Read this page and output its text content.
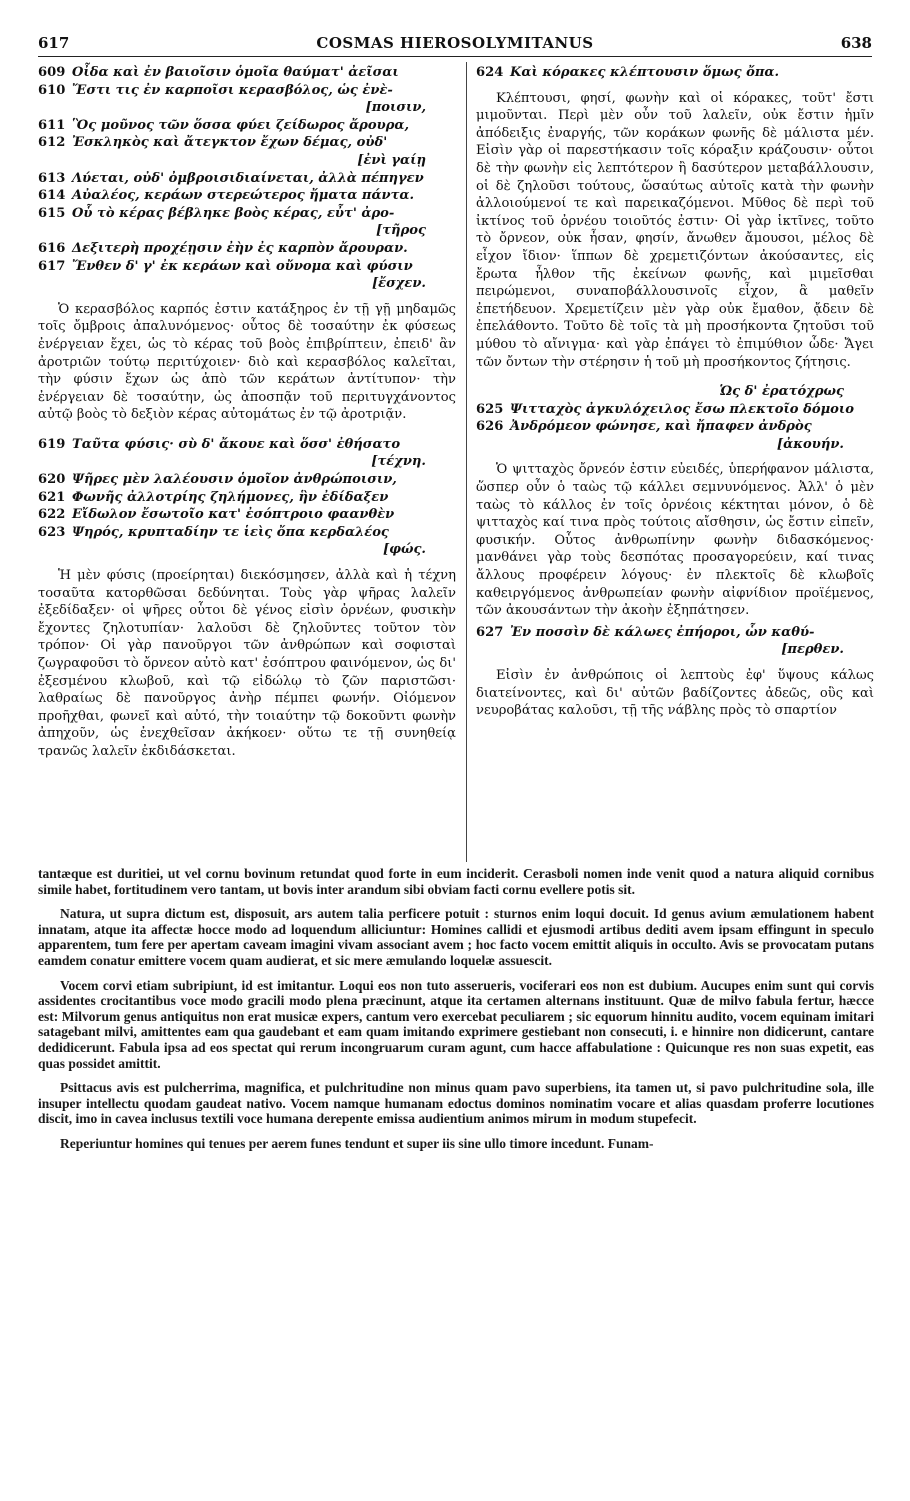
617	COSMAS HIEROSOLYMITANUS	638
609 Οἶδα καὶ ἐν βαιοῖσιν ὁμοῖα θαύματ' ἀεῖσαι
610 Ἔστι τις ἐν καρποῖσι κερασβόλος, ὡς ἐνὲ-
[ποισιν,
611 Ὃς μοῦνος τῶν ὅσσα φύει ζείδωρος ἄρουρα,
612 Ἐσκληκὸς καὶ ἄτεγκτον ἔχων δέμας, οὐδ'
[ἐνὶ γαίῃ
613 Λύεται, οὐδ' ὀμβροισιδιαίνεται, ἀλλὰ πέπηγεν
614 Αὐαλέος, κεράων στερεώτερος ἤματα πάντα.
615 Οὗ τὸ κέρας βέβληκε βοὸς κέρας, εὖτ' ἀρο-
[τῆρος
616 Δεξιτερὴ προχέῃσιν ἐὴν ἐς καρπὸν ἄρουραν.
617 Ἔνθεν δ' γ' ἐκ κεράων καὶ οὔνομα καὶ φύσιν
[ἔσχεν.

Ὁ κερασβόλος καρπός ἐστιν κατάξηρος ἐν τῇ γῇ μηδαμῶς τοῖς ὄμβροις ἀπαλυνόμενος· οὗτος δὲ τοσαύτην ἐκ φύσεως ἐνέργειαν ἔχει, ὡς τὸ κέρας τοῦ βοὸς ἐπιβρίπτειν, ἐπειδ' ἂν ἀροτριῶν τούτῳ περιτύχοιεν· διὸ καὶ κερασβόλος καλεῖται, τὴν φύσιν ἔχων ὡς ἀπὸ τῶν κεράτων ἀντίτυπον· τὴν ἐνέργειαν δὲ τοσαύτην, ὡς ἀποσπᾷν τοῦ περιτυγχάνοντος αὐτῷ βοὸς τὸ δεξιὸν κέρας αὐτομάτως ἐν τῷ ἀροτριᾷν.

619 Ταῦτα φύσις· σὺ δ' ἄκουε καὶ ὅσσ' ἐθήσατο
[τέχνη.
620 Ψῆρες μὲν λαλέουσιν ὁμοῖον ἀνθρώποισιν,
621 Φωνῆς ἀλλοτρίης ζηλήμονες, ἣν ἐδίδαξεν
622 Εἴδωλον ἔσωτοῖο κατ' ἐσόπτροιο φαανθὲν
623 Ψηρός, κρυπταδίην τε ἱεὶς ὄπα κερδαλέος
[φώς.

Ἡ μὲν φύσις (προείρηται) διεκόσμησεν, ἀλλὰ καὶ ἡ τέχνη τοσαῦτα κατορθῶσαι δεδύνηται. Τοὺς γὰρ ψῆρας λαλεῖν ἐξεδίδαξεν· οἱ ψῆρες οὗτοι δὲ γένος εἰσὶν ὀρνέων, φυσικὴν ἔχοντες ζηλοτυπίαν· λαλοῦσι δὲ ζηλοῦντες τοῦτον τὸν τρόπον· Οἱ γὰρ πανοῦργοι τῶν ἀνθρώπων καὶ σοφισταὶ ζωγραφοῦσι τὸ ὄρνεον αὐτὸ κατ' ἐσόπτρου φαινόμενον, ὡς δι' ἐξεσμένου κλωβοῦ, καὶ τῷ εἰδώλῳ τὸ ζῶν παριστῶσι· λαθραίως δὲ πανοῦργος ἀνὴρ πέμπει φωνήν. Οἰόμενον προῆχθαι, φωνεῖ καὶ αὐτό, τὴν τοιαύτην τῷ δοκοῦντι φωνὴν ἀπηχοῦν, ὡς ἐνεχθεῖσαν ἀκήκοεν· οὕτω τε τῇ συνηθείᾳ τρανῶς λαλεῖν ἐκδιδάσκεται.

624 Καὶ κόρακες κλέπτουσιν ὅμως ὄπα.

Κλέπτουσι, φησί, φωνὴν καὶ οἱ κόρακες, τοῦτ' ἔστι μιμοῦνται. Περὶ μὲν οὖν τοῦ λαλεῖν, οὐκ ἔστιν ἡμῖν ἀπόδειξις ἐναργής, τῶν κοράκων φωνῆς δὲ μάλιστα μέν. Εἰσὶν γὰρ οἱ παρεστήκασιν τοῖς κόραξιν κράζουσιν· οὗτοι δὲ τὴν φωνὴν εἰς λεπτότερον ἢ δασύτερον μεταβάλλουσιν, οἱ δὲ ζηλοῦσι τούτους, ὥσαύτως αὐτοῖς κατὰ τὴν φωνὴν ἀλλοιούμενοί τε καὶ παρεικαζόμενοι. Μῦθος δὲ περὶ τοῦ ἰκτίνος τοῦ ὀρνέου τοιοῦτός ἐστιν· Οἱ γὰρ ἰκτῖνες, τοῦτο τὸ ὄρνεον, οὐκ ἦσαν, φησίν, ἄνωθεν ἄμουσοι, μέλος δὲ εἶχον ἴδιον· ἵππων δὲ χρεμετιζόντων ἀκούσαντες, εἰς ἔρωτα ἦλθον τῆς ἐκείνων φωνῆς, καὶ μιμεῖσθαι πειρώμενοι, συναποβάλλουσινοῖς εἶχον, ἃ μαθεῖν ἐπετήδευον. Χρεμετίζειν μὲν γὰρ οὐκ ἔμαθον, ᾄδειν δὲ ἐπελάθοντο. Τοῦτο δὲ τοῖς τὰ μὴ προσήκοντα ζητοῦσι τοῦ μύθου τὸ αἴνιγμα· καὶ γὰρ ἐπάγει τὸ ἐπιμύθιον ὧδε· Ἄγει τῶν ὄντων τὴν στέρησιν ἡ τοῦ μὴ προσήκοντος ζήτησις.

Ὡς δ' ἐρατόχρως
625 Ψιτταχὸς ἀγκυλόχειλος ἔσω πλεκτοῖο δόμοιο
626 Ἀνδρόμεον φώνησε, καὶ ἤπαφεν ἀνδρὸς
[ἀκουήν.

Ὁ ψιτταχὸς ὄρνεόν ἐστιν εὐειδές, ὑπερήφανον μάλιστα, ὥσπερ οὖν ὁ ταὼς τῷ κάλλει σεμνυνόμενος. Ἀλλ' ὁ μὲν ταὼς τὸ κάλλος ἐν τοῖς ὀρνέοις κέκτηται μόνον, ὁ δὲ ψιτταχὸς καί τινα πρὸς τούτοις αἴσθησιν, ὡς ἔστιν εἰπεῖν, φυσικήν. Οὗτος ἀνθρωπίνην φωνὴν διδασκόμενος· μανθάνει γὰρ τοὺς δεσπότας προσαγορεύειν, καί τινας ἄλλους προφέρειν λόγους· ἐν πλεκτοῖς δὲ κλωβοῖς καθειργόμενος ἀνθρωπείαν φωνὴν αἰφνίδιον προϊέμενος, τῶν ἀκουσάντων τὴν ἀκοὴν ἐξηπάτησεν.

627 Ἐν ποσσὶν δὲ κάλωες ἐπήοροι, ὧν καθύ-
[περθεν.

Εἰσὶν ἐν ἀνθρώποις οἱ λεπτοὺς ἐφ' ὕψους κάλως διατείνοντες, καὶ δι' αὐτῶν βαδίζοντες ἀδεῶς, οὓς καὶ νευροβάτας καλοῦσι, τῇ τῆς νάβλης πρὸς τὸ σπαρτίον

tantæque est duritiei, ut vel cornu bovinum retundat quod forte in eum inciderit. Cerasboli nomen inde venit quod a natura aliquid cornibus simile habet, fortitudinem vero tantam, ut bovis inter arandum sibi obviam facti cornu evellere potis sit.

Natura, ut supra dictum est, disposuit, ars autem talia perficere potuit : sturnos enim loqui docuit. Id genus avium æmulationem habent innatam, atque ita affectæ hocce modo ad loquendum alliciuntur: Homines callidi et ejusmodi artibus dediti avem ipsam effingunt in speculo apparentem, tum fere per apertam caveam imagini vivam associant avem ; hoc facto vocem emittit aliquis in occulto. Avis se provocatam putans eamdem conatur emittere vocem quam audierat, et sic mere æmulando loquelæ assuescit.

Vocem corvi etiam subripiunt, id est imitantur. Loqui eos non tuto asserueris, vociferari eos non est dubium. Aucupes enim sunt qui corvis assidentes crocitantibus voce modo gracili modo plena præcinunt, atque ita certamen alternans instituunt. Quæ de milvo fabula fertur, hæcce est: Milvorum genus antiquitus non erat musicæ expers, cantum vero exercebat peculiarem ; sic equorum hinnitu audito, vocem equinam imitari satagebant milvi, amittentes eam qua gaudebant et eam quam imitando exprimere gestiebant non consecuti, i. e hinnire non didicerunt, cantare dedidicerunt. Fabula ipsa ad eos spectat qui rerum incongruarum curam agunt, cum hacce affabulatione : Quicunque res non suas expetit, eas quas possidet amittit.

Psittacus avis est pulcherrima, magnifica, et pulchritudine non minus quam pavo superbiens, ita tamen ut, si pavo pulchritudine sola, ille insuper intellectu quodam gaudeat nativo. Vocem namque humanam edoctus dominos nominatim vocare et alias quasdam proferre locutiones discit, imo in cavea inclusus textili voce humana derepente emissa audientium animos mirum in modum stupefecit.

Reperiuntur homines qui tenues per aerem funes tendunt et super iis sine ullo timore incedunt. Funam-
